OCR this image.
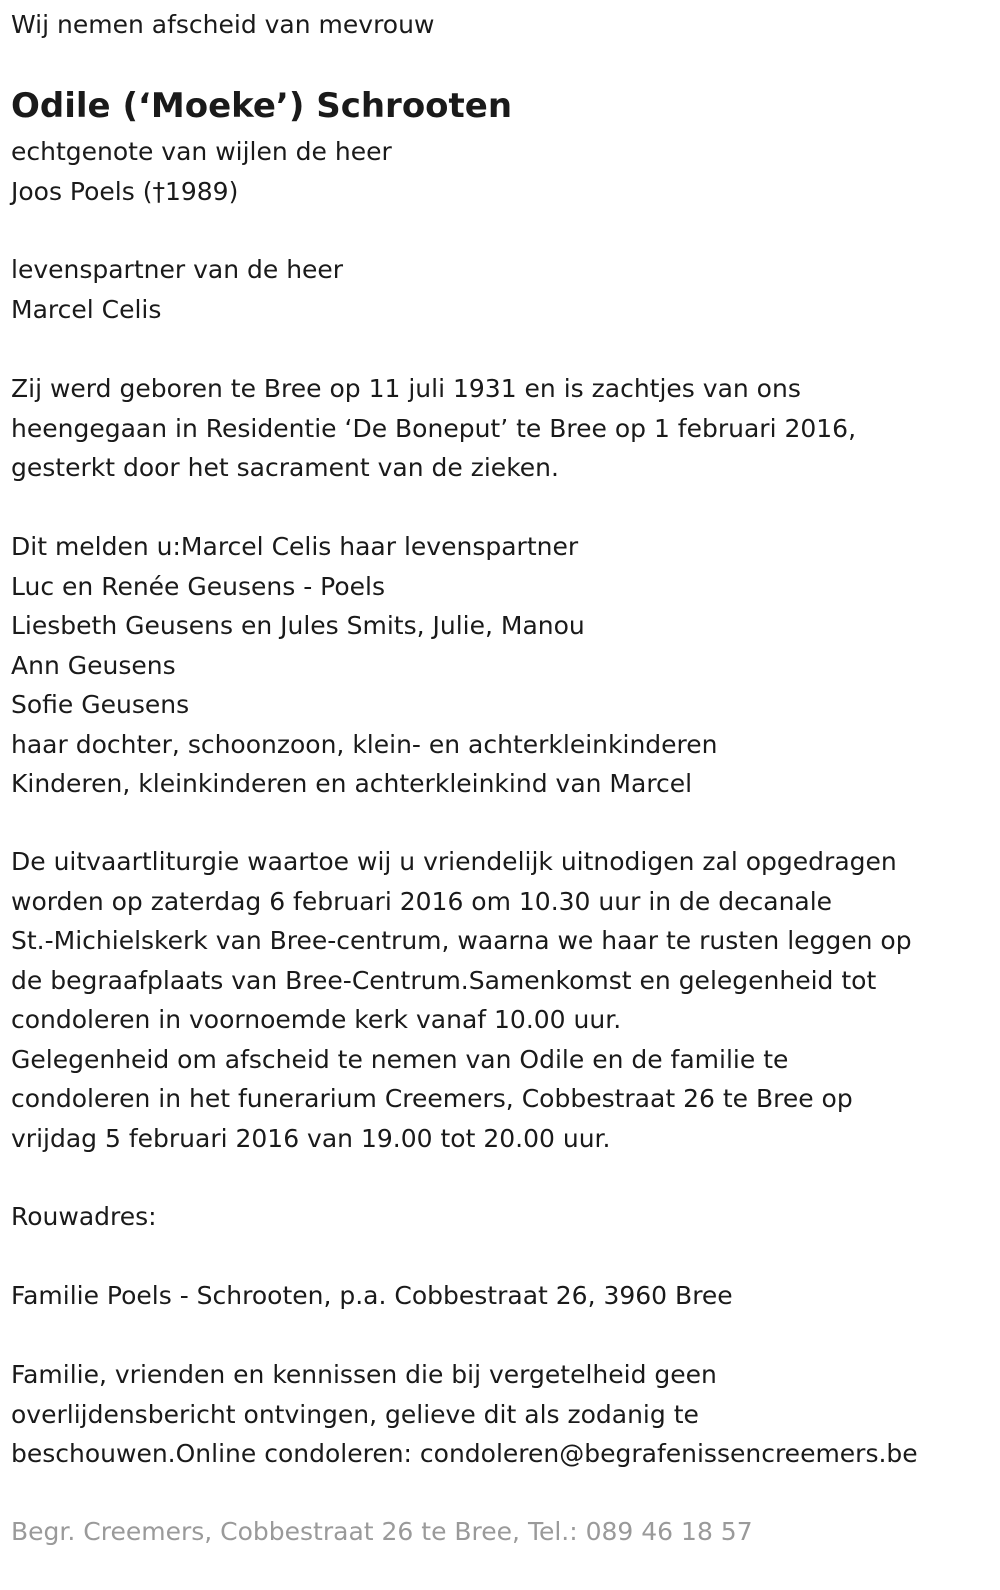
Wij nemen afscheid van mevrouw

Odile (‘Moeke’) Schrooten

echtgenote van wijlen de heer

Joos Poels (†1989)

levenspartner van de heer

Marcel Celis

Zij werd geboren te Bree op 11 juli 1931 en is zachtjes van ons

heengegaan in Residentie ‘De Boneput’ te Bree op 1 februari 2016,

gesterkt door het sacrament van de zieken.

Dit melden u:Marcel Celis haar levenspartner

Luc en Renée Geusens - Poels

Liesbeth Geusens en Jules Smits, Julie, Manou

Ann Geusens

Sofie Geusens

haar dochter, schoonzoon, klein- en achterkleinkinderen

Kinderen, kleinkinderen en achterkleinkind van Marcel

De uitvaartliturgie waartoe wij u vriendelijk uitnodigen zal opgedragen

worden op zaterdag 6 februari 2016 om 10.30 uur in de decanale

St.-Michielskerk van Bree-centrum, waarna we haar te rusten leggen op

de begraafplaats van Bree-Centrum.Samenkomst en gelegenheid tot

condoleren in voornoemde kerk vanaf 10.00 uur.

Gelegenheid om afscheid te nemen van Odile en de familie te

condoleren in het funerarium Creemers, Cobbestraat 26 te Bree op

vrijdag 5 februari 2016 van 19.00 tot 20.00 uur.

Rouwadres:

Familie Poels - Schrooten, p.a. Cobbestraat 26, 3960 Bree

Familie, vrienden en kennissen die bij vergetelheid geen

overlijdensbericht ontvingen, gelieve dit als zodanig te

beschouwen.Online condoleren: condoleren@begrafenissencreemers.be

Begr. Creemers, Cobbestraat 26 te Bree, Tel.: 089 46 18 57
